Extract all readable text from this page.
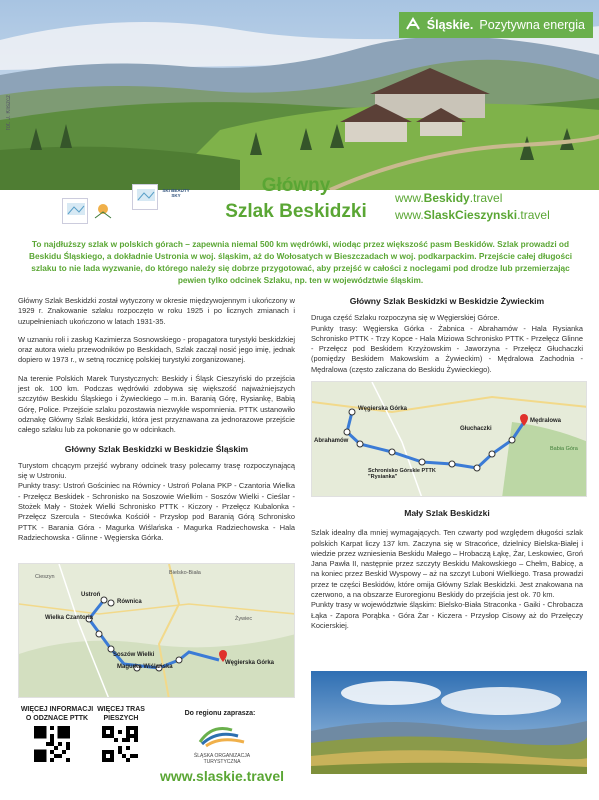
Śląskie. Pozytywna energia
fot. J. Kliszcz
SKI BEAUTY SKY	Główny
Szlak Beskidzki
www.Beskidy.travel
www.SlaskCieszynski.travel
To najdłuższy szlak w polskich górach – zapewnia niemal 500 km wędrówki, wiodąc przez większość pasm Beskidów. Szlak prowadzi od Beskidu Śląskiego, a dokładnie Ustronia w woj. śląskim, aż do Wołosatych w Bieszczadach w woj. podkarpackim. Przejście całej długości szlaku to nie lada wyzwanie, do którego należy się dobrze przygotować, aby przejść w całości z noclegami pod drodze lub przemierzając pewien tylko odcinek Szlaku, np. ten w województwie śląskim.

Główny Szlak Beskidzki został wytyczony w okresie międzywojennym i ukończony w 1929 r. Znakowanie szlaku rozpoczęto w roku 1925 i po licznych zmianach i uzupełnieniach ukończono w latach 1931-35.

W uznaniu roli i zasług Kazimierza Sosnowskiego - propagatora turystyki beskidzkiej oraz autora wielu przewodników po Beskidach, Szlak zaczął nosić jego imię, jednak dopiero w 1973 r., w setną rocznicę polskiej turystyki zorganizowanej.

Na terenie Polskich Marek Turystycznych: Beskidy i Śląsk Cieszyński do przejścia jest ok. 100 km. Podczas wędrówki zdobywa się większość najważniejszych szczytów Beskidu Śląskiego i Żywieckiego – m.in. Baranią Górę, Rysiankę, Babią Górę, Police. Przejście szlaku pozostawia niezwykłe wspomnienia. PTTK ustanowiło odznakę Główny Szlak Beskidzki, która jest przyznawana za jednorazowe przejście całego szlaku lub za pokonanie go w odcinkach.

Główny Szlak Beskidzki w Beskidzie Śląskim

Turystom chcącym przejść wybrany odcinek trasy polecamy trasę rozpoczynającą się w Ustroniu.

Punkty trasy: Ustroń Gościniec na Równicy - Ustroń Polana PKP - Czantoria Wielka - Przełęcz Beskidek - Schronisko na Soszowie Wielkim - Soszów Wielki - Cieślar - Stożek Mały - Stożek Wielki Schronisko PTTK - Kiczory - Przełęcz Kubalonka - Przełęcz Szercula - Stecówka Kościół - Przysłop pod Baranią Górą Schronisko PTTK - Barania Góra - Magurka Wiślańska - Magurka Radziechowska - Hala Radziechowska - Glinne - Węgierska Górka.

Ustroń
Równica
Wielka Czantoria
Soszów Wielki
Magurka Wiślańska
Węgierska Górka
Cieszyn
Żywiec
Bielsko-Biała
WIĘCEJ INFORMACJI
O ODZNACE PTTK
WIĘCEJ TRAS
PIESZYCH
Do regionu zaprasza:
ŚLĄSKA ORGANIZACJA TURYSTYCZNA
www.slaskie.travel
Główny Szlak Beskidzki w Beskidzie Żywieckim

Druga część Szlaku rozpoczyna się w Węgierskiej Górce.

Punkty trasy: Węgierska Górka - Żabnica - Abrahamów - Hala Rysianka Schronisko PTTK - Trzy Kopce - Hala Miziowa Schronisko PTTK - Przełęcz Glinne - Przełęcz pod Beskidem Krzyżowskim - Jaworzyna - Przełęcz Głuchaczki (pomiędzy Beskidem Makowskim a Żywieckim) - Mędralowa Zachodnia - Mędralowa (często zaliczana do Beskidu Żywieckiego).

Węgierska Górka
Abrahamów
Głuchaczki
Mędralowa
Schronisko Górskie PTTK "Rysianka"
Babia Góra
Mały Szlak Beskidzki

Szlak idealny dla mniej wymagających. Ten czwarty pod względem długości szlak polskich Karpat liczy 137 km. Zaczyna się w Stracońce, dzielnicy Bielska-Białej i wiedzie przez wzniesienia Beskidu Małego – Hrobaczą Łąkę, Żar, Leskowiec, Groń Jana Pawła II, następnie przez szczyty Beskidu Makowskiego – Chełm, Babicę, a na koniec przez Beskid Wyspowy – aż na szczyt Luboni Wielkiego. Trasa prowadzi przez te części Beskidów, które omija Główny Szlak Beskidzki. Jest znakowana na czerwono, a na obszarze Euroregionu Beskidy do przejścia jest ok. 70 km.

Punkty trasy w województwie śląskim: Bielsko-Biała Straconka - Gaiki - Chrobacza Łąka - Zapora Porąbka - Góra Żar - Kiczera - Przysłop Cisowy aż do Przełęczy Kocierskiej.
